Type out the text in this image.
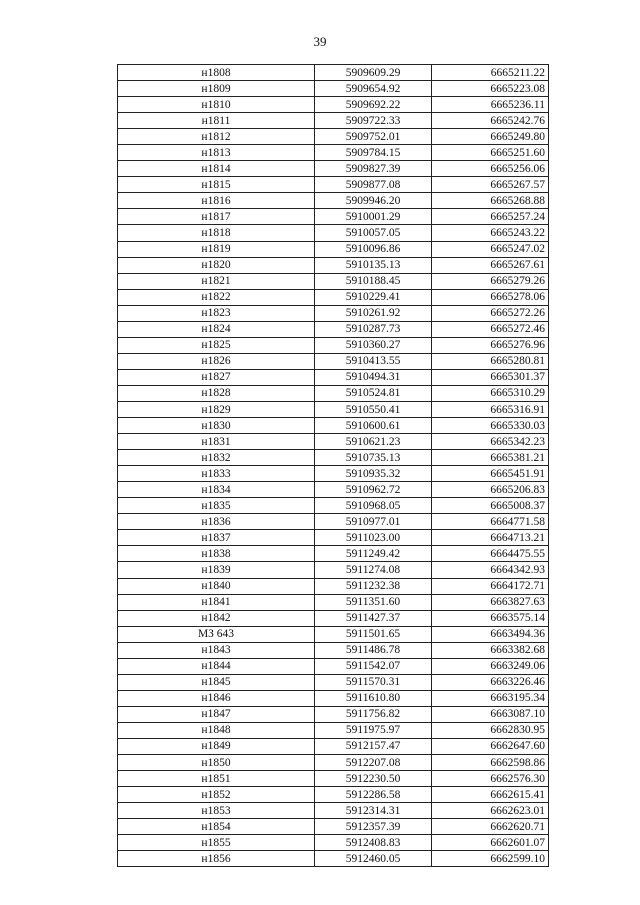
39
н1808	5909609.29	6665211.22
н1809	5909654.92	6665223.08
н1810	5909692.22	6665236.11
н1811	5909722.33	6665242.76
н1812	5909752.01	6665249.80
н1813	5909784.15	6665251.60
н1814	5909827.39	6665256.06
н1815	5909877.08	6665267.57
н1816	5909946.20	6665268.88
н1817	5910001.29	6665257.24
н1818	5910057.05	6665243.22
н1819	5910096.86	6665247.02
н1820	5910135.13	6665267.61
н1821	5910188.45	6665279.26
н1822	5910229.41	6665278.06
н1823	5910261.92	6665272.26
н1824	5910287.73	6665272.46
н1825	5910360.27	6665276.96
н1826	5910413.55	6665280.81
н1827	5910494.31	6665301.37
н1828	5910524.81	6665310.29
н1829	5910550.41	6665316.91
н1830	5910600.61	6665330.03
н1831	5910621.23	6665342.23
н1832	5910735.13	6665381.21
н1833	5910935.32	6665451.91
н1834	5910962.72	6665206.83
н1835	5910968.05	6665008.37
н1836	5910977.01	6664771.58
н1837	5911023.00	6664713.21
н1838	5911249.42	6664475.55
н1839	5911274.08	6664342.93
н1840	5911232.38	6664172.71
н1841	5911351.60	6663827.63
н1842	5911427.37	6663575.14
МЗ 643	5911501.65	6663494.36
н1843	5911486.78	6663382.68
н1844	5911542.07	6663249.06
н1845	5911570.31	6663226.46
н1846	5911610.80	6663195.34
н1847	5911756.82	6663087.10
н1848	5911975.97	6662830.95
н1849	5912157.47	6662647.60
н1850	5912207.08	6662598.86
н1851	5912230.50	6662576.30
н1852	5912286.58	6662615.41
н1853	5912314.31	6662623.01
н1854	5912357.39	6662620.71
н1855	5912408.83	6662601.07
н1856	5912460.05	6662599.10
